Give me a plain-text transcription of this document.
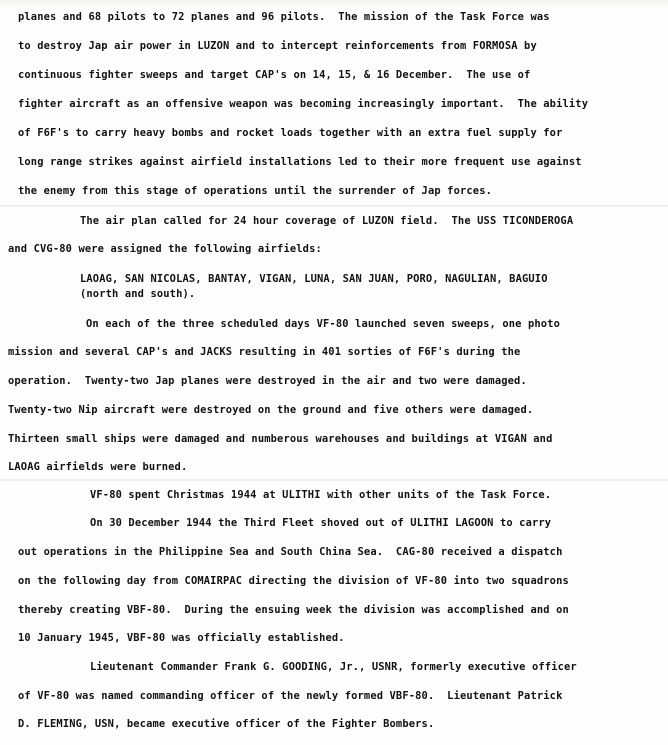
planes and 68 pilots to 72 planes and 96 pilots.  The mission of the Task Force was
to destroy Jap air power in LUZON and to intercept reinforcements from FORMOSA by
continuous fighter sweeps and target CAP's on 14, 15, & 16 December.  The use of
fighter aircraft as an offensive weapon was becoming increasingly important.  The ability
of F6F's to carry heavy bombs and rocket loads together with an extra fuel supply for
long range strikes against airfield installations led to their more frequent use against
the enemy from this stage of operations until the surrender of Jap forces.
The air plan called for 24 hour coverage of LUZON field.  The USS TICONDEROGA
and CVG-80 were assigned the following airfields:
LAOAG, SAN NICOLAS, BANTAY, VIGAN, LUNA, SAN JUAN, PORO, NAGULIAN, BAGUIO
(north and south).
On each of the three scheduled days VF-80 launched seven sweeps, one photo
mission and several CAP's and JACKS resulting in 401 sorties of F6F's during the
operation.  Twenty-two Jap planes were destroyed in the air and two were damaged.
Twenty-two Nip aircraft were destroyed on the ground and five others were damaged.
Thirteen small ships were damaged and numberous warehouses and buildings at VIGAN and
LAOAG airfields were burned.
VF-80 spent Christmas 1944 at ULITHI with other units of the Task Force.
On 30 December 1944 the Third Fleet shoved out of ULITHI LAGOON to carry
out operations in the Philippine Sea and South China Sea.  CAG-80 received a dispatch
on the following day from COMAIRPAC directing the division of VF-80 into two squadrons
thereby creating VBF-80.  During the ensuing week the division was accomplished and on
10 January 1945, VBF-80 was officially established.
Lieutenant Commander Frank G. GOODING, Jr., USNR, formerly executive officer
of VF-80 was named commanding officer of the newly formed VBF-80.  Lieutenant Patrick
D. FLEMING, USN, became executive officer of the Fighter Bombers.
